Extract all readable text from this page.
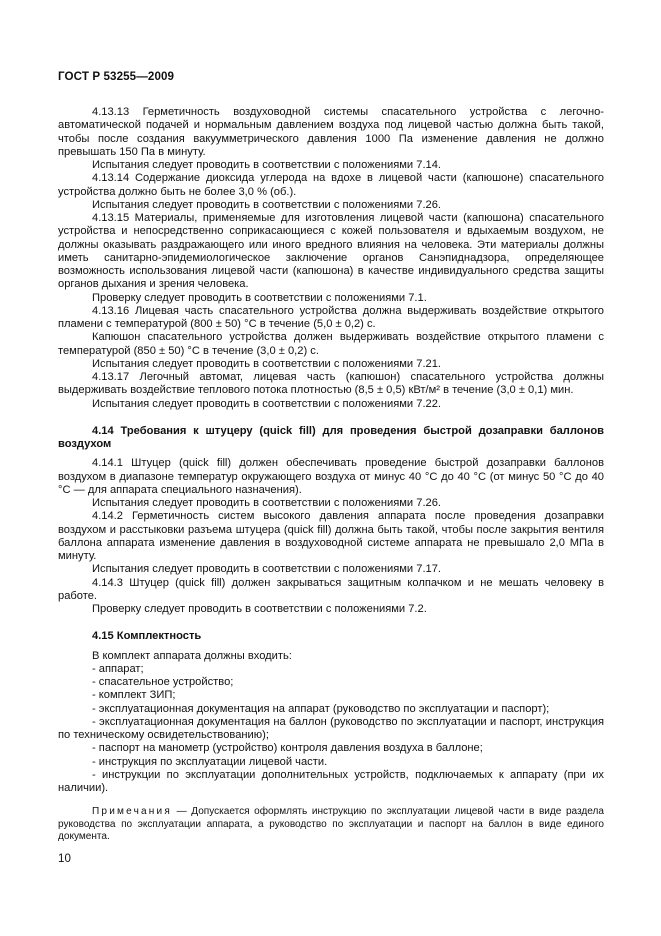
ГОСТ Р 53255—2009

4.13.13 Герметичность воздуховодной системы спасательного устройства с легочно-автоматической подачей и нормальным давлением воздуха под лицевой частью должна быть такой, чтобы после создания вакуумметрического давления 1000 Па изменение давления не должно превышать 150 Па в минуту.

Испытания следует проводить в соответствии с положениями 7.14.

4.13.14 Содержание диоксида углерода на вдохе в лицевой части (капюшоне) спасательного устройства должно быть не более 3,0 % (об.).

Испытания следует проводить в соответствии с положениями 7.26.

4.13.15 Материалы, применяемые для изготовления лицевой части (капюшона) спасательного устройства и непосредственно соприкасающиеся с кожей пользователя и вдыхаемым воздухом, не должны оказывать раздражающего или иного вредного влияния на человека. Эти материалы должны иметь санитарно-эпидемиологическое заключение органов Санэпиднадзора, определяющее возможность использования лицевой части (капюшона) в качестве индивидуального средства защиты органов дыхания и зрения человека.

Проверку следует проводить в соответствии с положениями 7.1.

4.13.16 Лицевая часть спасательного устройства должна выдерживать воздействие открытого пламени с температурой (800 ± 50) °С в течение (5,0 ± 0,2) с.

Капюшон спасательного устройства должен выдерживать воздействие открытого пламени с температурой (850 ± 50) °С в течение (3,0 ± 0,2) с.

Испытания следует проводить в соответствии с положениями 7.21.

4.13.17 Легочный автомат, лицевая часть (капюшон) спасательного устройства должны выдерживать воздействие теплового потока плотностью (8,5 ± 0,5) кВт/м² в течение (3,0 ± 0,1) мин.

Испытания следует проводить в соответствии с положениями 7.22.

4.14 Требования к штуцеру (quick fill) для проведения быстрой дозаправки баллонов воздухом

4.14.1 Штуцер (quick fill) должен обеспечивать проведение быстрой дозаправки баллонов воздухом в диапазоне температур окружающего воздуха от минус 40 °С до 40 °С (от минус 50 °С до 40 °С — для аппарата специального назначения).

Испытания следует проводить в соответствии с положениями 7.26.

4.14.2 Герметичность систем высокого давления аппарата после проведения дозаправки воздухом и расстыковки разъема штуцера (quick fill) должна быть такой, чтобы после закрытия вентиля баллона аппарата изменение давления в воздуховодной системе аппарата не превышало 2,0 МПа в минуту.

Испытания следует проводить в соответствии с положениями 7.17.

4.14.3 Штуцер (quick fill) должен закрываться защитным колпачком и не мешать человеку в работе.

Проверку следует проводить в соответствии с положениями 7.2.

4.15 Комплектность

В комплект аппарата должны входить:

- аппарат;

- спасательное устройство;

- комплект ЗИП;

- эксплуатационная документация на аппарат (руководство по эксплуатации и паспорт);

- эксплуатационная документация на баллон (руководство по эксплуатации и паспорт, инструкция по техническому освидетельствованию);

- паспорт на манометр (устройство) контроля давления воздуха в баллоне;

- инструкция по эксплуатации лицевой части.

- инструкции по эксплуатации дополнительных устройств, подключаемых к аппарату (при их наличии).

Примечания — Допускается оформлять инструкцию по эксплуатации лицевой части в виде раздела руководства по эксплуатации аппарата, а руководство по эксплуатации и паспорт на баллон в виде единого документа.

10
